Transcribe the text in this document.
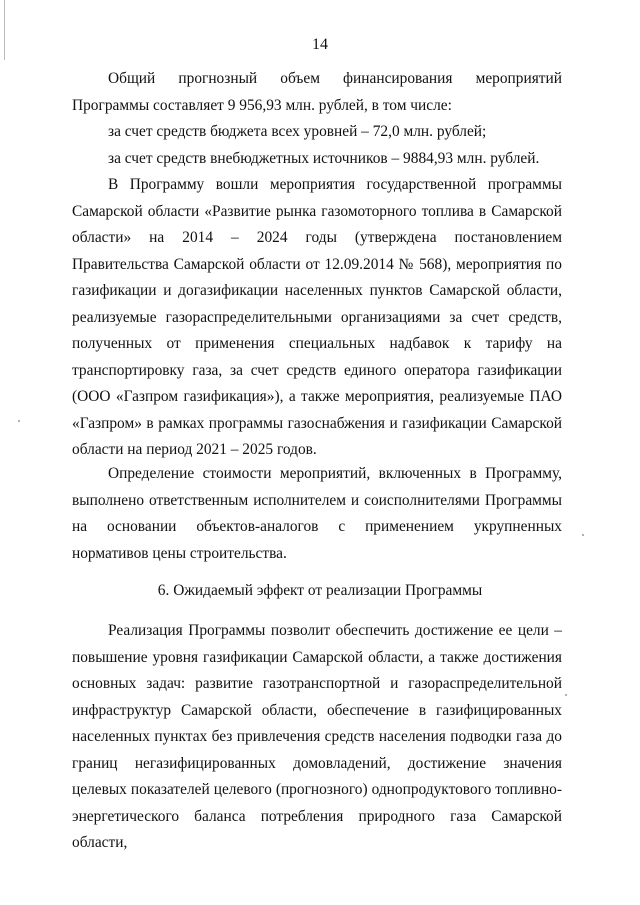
14

Общий прогнозный объем финансирования мероприятий Программы составляет 9 956,93 млн. рублей, в том числе:

за счет средств бюджета всех уровней – 72,0 млн. рублей;

за счет средств внебюджетных источников – 9884,93 млн. рублей.

В Программу вошли мероприятия государственной программы Самарской области «Развитие рынка газомоторного топлива в Самарской области» на 2014 – 2024 годы (утверждена постановлением Правительства Самарской области от 12.09.2014 № 568), мероприятия по газификации и догазификации населенных пунктов Самарской области, реализуемые газораспределительными организациями за счет средств, полученных от применения специальных надбавок к тарифу на транспортировку газа, за счет средств единого оператора газификации (ООО «Газпром газификация»), а также мероприятия, реализуемые ПАО «Газпром» в рамках программы газоснабжения и газификации Самарской области на период 2021 – 2025 годов.

Определение стоимости мероприятий, включенных в Программу, выполнено ответственным исполнителем и соисполнителями Программы на основании объектов-аналогов с применением укрупненных нормативов цены строительства.

6. Ожидаемый эффект от реализации Программы

Реализация Программы позволит обеспечить достижение ее цели – повышение уровня газификации Самарской области, а также достижения основных задач: развитие газотранспортной и газораспределительной инфраструктур Самарской области, обеспечение в газифицированных населенных пунктах без привлечения средств населения подводки газа до границ негазифицированных домовладений, достижение значения целевых показателей целевого (прогнозного) однопродуктового топливно-энергетического баланса потребления природного газа Самарской области,
